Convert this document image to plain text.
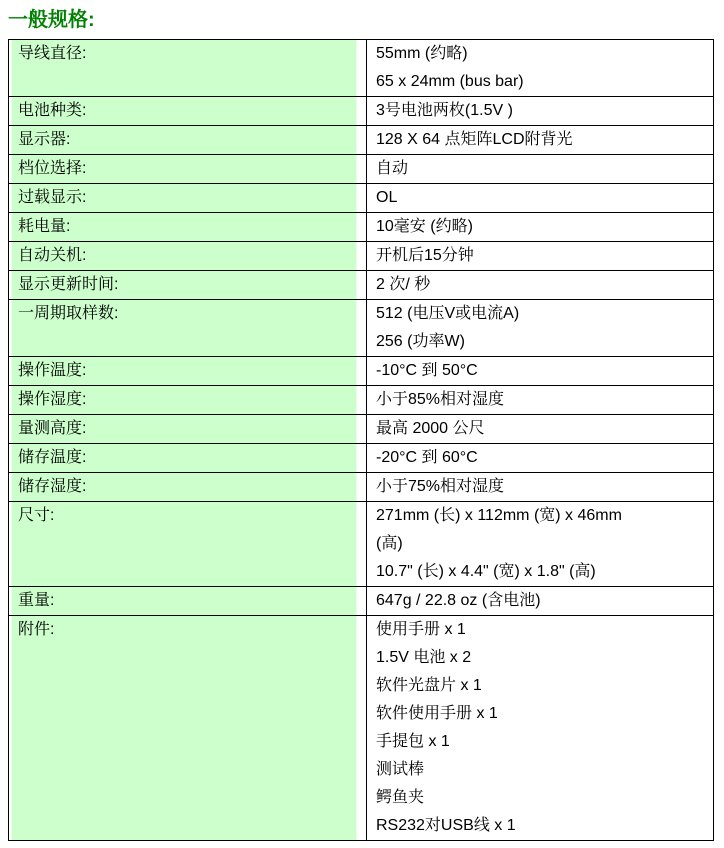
一般规格:
导线直径:	55mm (约略)
65 x 24mm (bus bar)

电池种类:	3号电池两枚(1.5V )

显示器:	128 X 64 点矩阵LCD附背光

档位选择:	自动

过载显示:	OL

耗电量:	10毫安 (约略)

自动关机:	开机后15分钟

显示更新时间:	2 次/ 秒

一周期取样数:	512 (电压V或电流A)
256 (功率W)

操作温度:	-10°C 到 50°C

操作湿度:	小于85%相对湿度

量测高度:	最高 2000 公尺

储存温度:	-20°C 到 60°C

储存湿度:	小于75%相对湿度

尺寸:	271mm (长) x 112mm (宽) x 46mm
(高)
10.7" (长) x 4.4" (宽) x 1.8" (高)

重量:	647g / 22.8 oz (含电池)

附件:	使用手册 x 1
1.5V 电池 x 2
软件光盘片 x 1
软件使用手册 x 1
手提包 x 1
测试棒
鳄鱼夹
RS232对USB线 x 1
